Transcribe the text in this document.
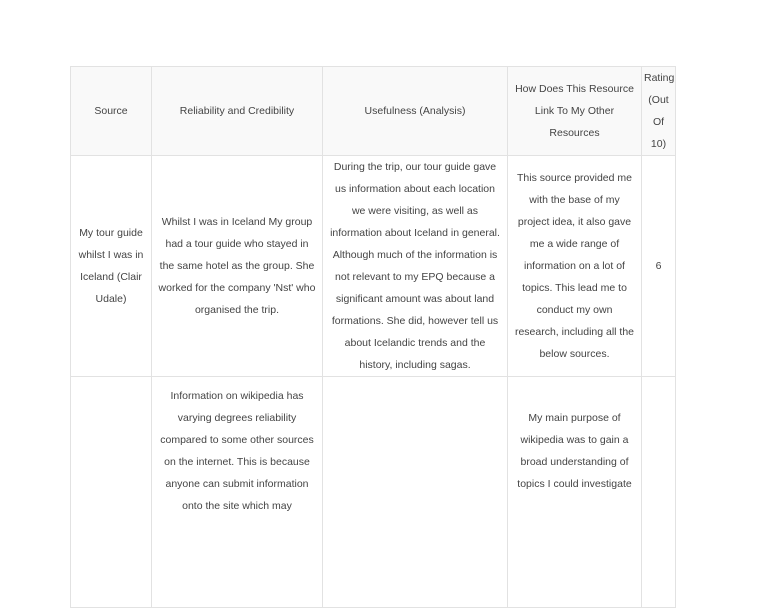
Source	Reliability and Credibility	Usefulness (Analysis)	How Does This Resource Link To My Other Resources	Rating (Out Of 10)
My tour guide whilst I was in Iceland (Clair Udale)	Whilst I was in Iceland My group had a tour guide who stayed in the same hotel as the group. She worked for the company 'Nst' who organised the trip.	During the trip, our tour guide gave us information about each location we were visiting, as well as information about Iceland in general. Although much of the information is not relevant to my EPQ because a significant amount was about land formations. She did, however tell us about Icelandic trends and the history, including sagas.	This source provided me with the base of my project idea, it also gave me a wide range of information on a lot of topics. This lead me to conduct my own research, including all the below sources.	6
	Information on wikipedia has varying degrees reliability compared to some other sources on the internet. This is because anyone can submit information onto the site which may		My main purpose of wikipedia was to gain a broad understanding of topics I could investigate	
